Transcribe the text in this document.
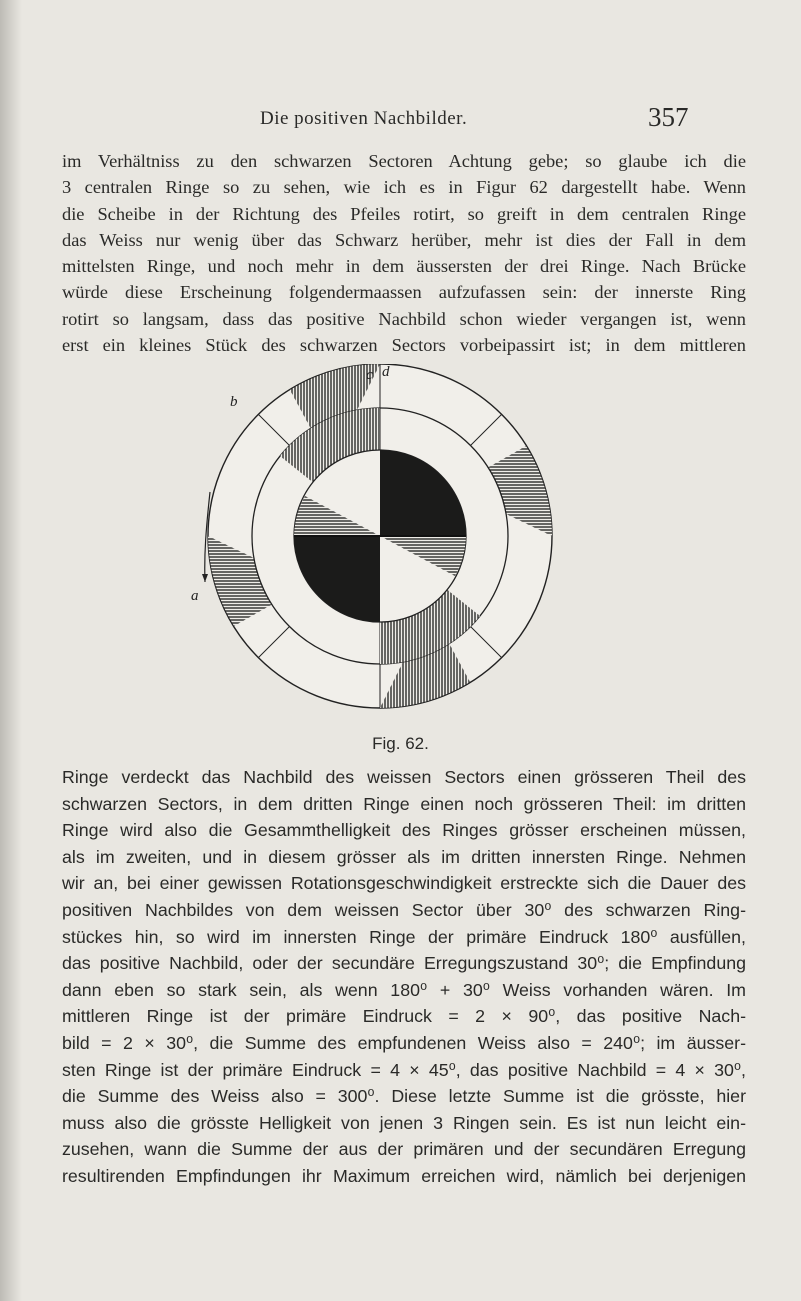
Die positiven Nachbilder.	357
im Verhältniss zu den schwarzen Sectoren Achtung gebe; so glaube ich die
3 centralen Ringe so zu sehen, wie ich es in Figur 62 dargestellt habe. Wenn
die Scheibe in der Richtung des Pfeiles rotirt, so greift in dem centralen Ringe
das Weiss nur wenig über das Schwarz herüber, mehr ist dies der Fall in dem
mittelsten Ringe, und noch mehr in dem äussersten der drei Ringe. Nach Brücke
würde diese Erscheinung folgendermaassen aufzufassen sein: der innerste Ring
rotirt so langsam, dass das positive Nachbild schon wieder vergangen ist, wenn
erst ein kleines Stück des schwarzen Sectors vorbeipassirt ist; in dem mittleren
a
b
c d
Fig. 62.
Ringe verdeckt das Nachbild des weissen Sectors einen grösseren Theil des
schwarzen Sectors, in dem dritten Ringe einen noch grösseren Theil: im dritten
Ringe wird also die Gesammthelligkeit des Ringes grösser erscheinen müssen,
als im zweiten, und in diesem grösser als im dritten innersten Ringe. Nehmen
wir an, bei einer gewissen Rotationsgeschwindigkeit erstreckte sich die Dauer des
positiven Nachbildes von dem weissen Sector über 30⁰ des schwarzen Ring-
stückes hin, so wird im innersten Ringe der primäre Eindruck 180⁰ ausfüllen,
das positive Nachbild, oder der secundäre Erregungszustand 30⁰; die Empfindung
dann eben so stark sein, als wenn 180⁰ + 30⁰ Weiss vorhanden wären. Im
mittleren Ringe ist der primäre Eindruck = 2 × 90⁰, das positive Nach-
bild = 2 × 30⁰, die Summe des empfundenen Weiss also = 240⁰; im äusser-
sten Ringe ist der primäre Eindruck = 4 × 45⁰, das positive Nachbild = 4 × 30⁰,
die Summe des Weiss also = 300⁰. Diese letzte Summe ist die grösste, hier
muss also die grösste Helligkeit von jenen 3 Ringen sein. Es ist nun leicht ein-
zusehen, wann die Summe der aus der primären und der secundären Erregung
resultirenden Empfindungen ihr Maximum erreichen wird, nämlich bei derjenigen
